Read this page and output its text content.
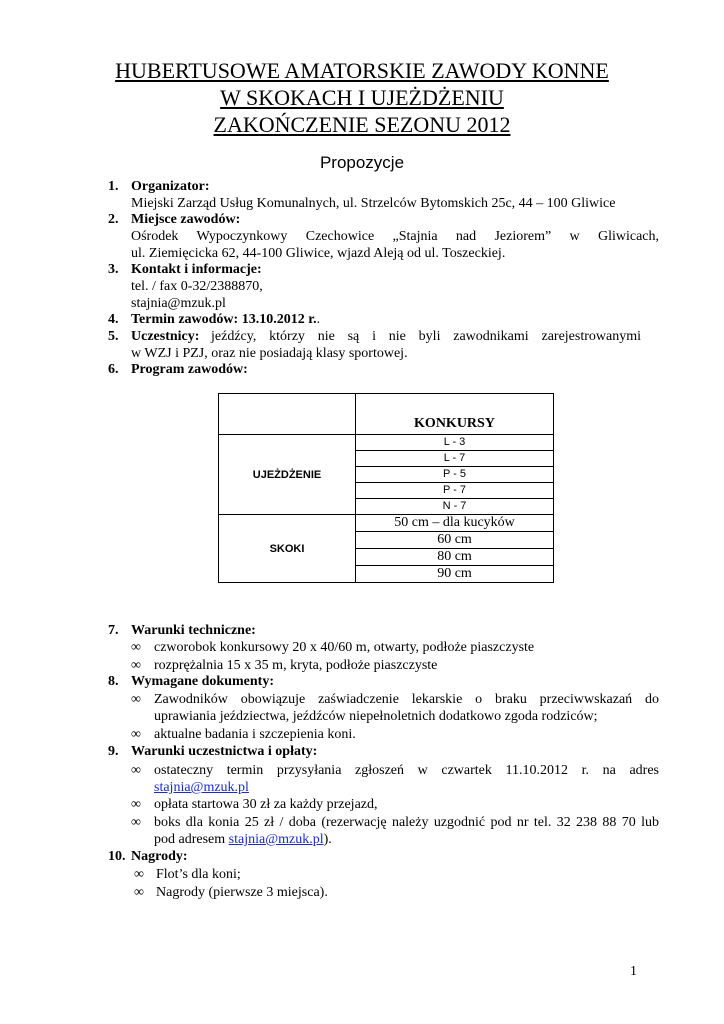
HUBERTUSOWE AMATORSKIE ZAWODY KONNE
W SKOKACH I UJEŻDŻENIU
ZAKOŃCZENIE SEZONU 2012
Propozycje
1. Organizator:
Miejski Zarząd Usług Komunalnych, ul. Strzelców Bytomskich 25c, 44 – 100 Gliwice
2. Miejsce zawodów:
Ośrodek Wypoczynkowy Czechowice „Stajnia nad Jeziorem” w Gliwicach,
ul. Ziemięcicka 62, 44-100 Gliwice, wjazd Aleją od ul. Toszeckiej.
3. Kontakt i informacje:
tel. / fax 0-32/2388870,
stajnia@mzuk.pl
4. Termin zawodów: 13.10.2012 r..
5. Uczestnicy: jeźdźcy, którzy nie są i nie byli zawodnikami zarejestrowanymi
w WZJ i PZJ, oraz nie posiadają klasy sportowej.
6. Program zawodów:

	KONKURSY

UJEŻDŻENIE	L - 3
	L - 7
	P - 5
	P - 7
	N - 7
SKOKI	50 cm – dla kucyków
	60 cm
	80 cm
	90 cm
7. Warunki techniczne:
∞ czworobok konkursowy 20 x 40/60 m, otwarty, podłoże piaszczyste
∞ rozprężalnia 15 x 35 m, kryta, podłoże piaszczyste
8. Wymagane dokumenty:
∞ Zawodników obowiązuje zaświadczenie lekarskie o braku przeciwwskazań do
uprawiania jeździectwa, jeźdźców niepełnoletnich dodatkowo zgoda rodziców;
∞ aktualne badania i szczepienia koni.
9. Warunki uczestnictwa i opłaty:
∞ ostateczny termin przysyłania zgłoszeń w czwartek 11.10.2012 r. na adres
stajnia@mzuk.pl
∞ opłata startowa 30 zł za każdy przejazd,
∞ boks dla konia 25 zł / doba (rezerwację należy uzgodnić pod nr tel. 32 238 88 70 lub
pod adresem stajnia@mzuk.pl).
10. Nagrody:
∞ Flot’s dla koni;
∞ Nagrody (pierwsze 3 miejsca).
1
